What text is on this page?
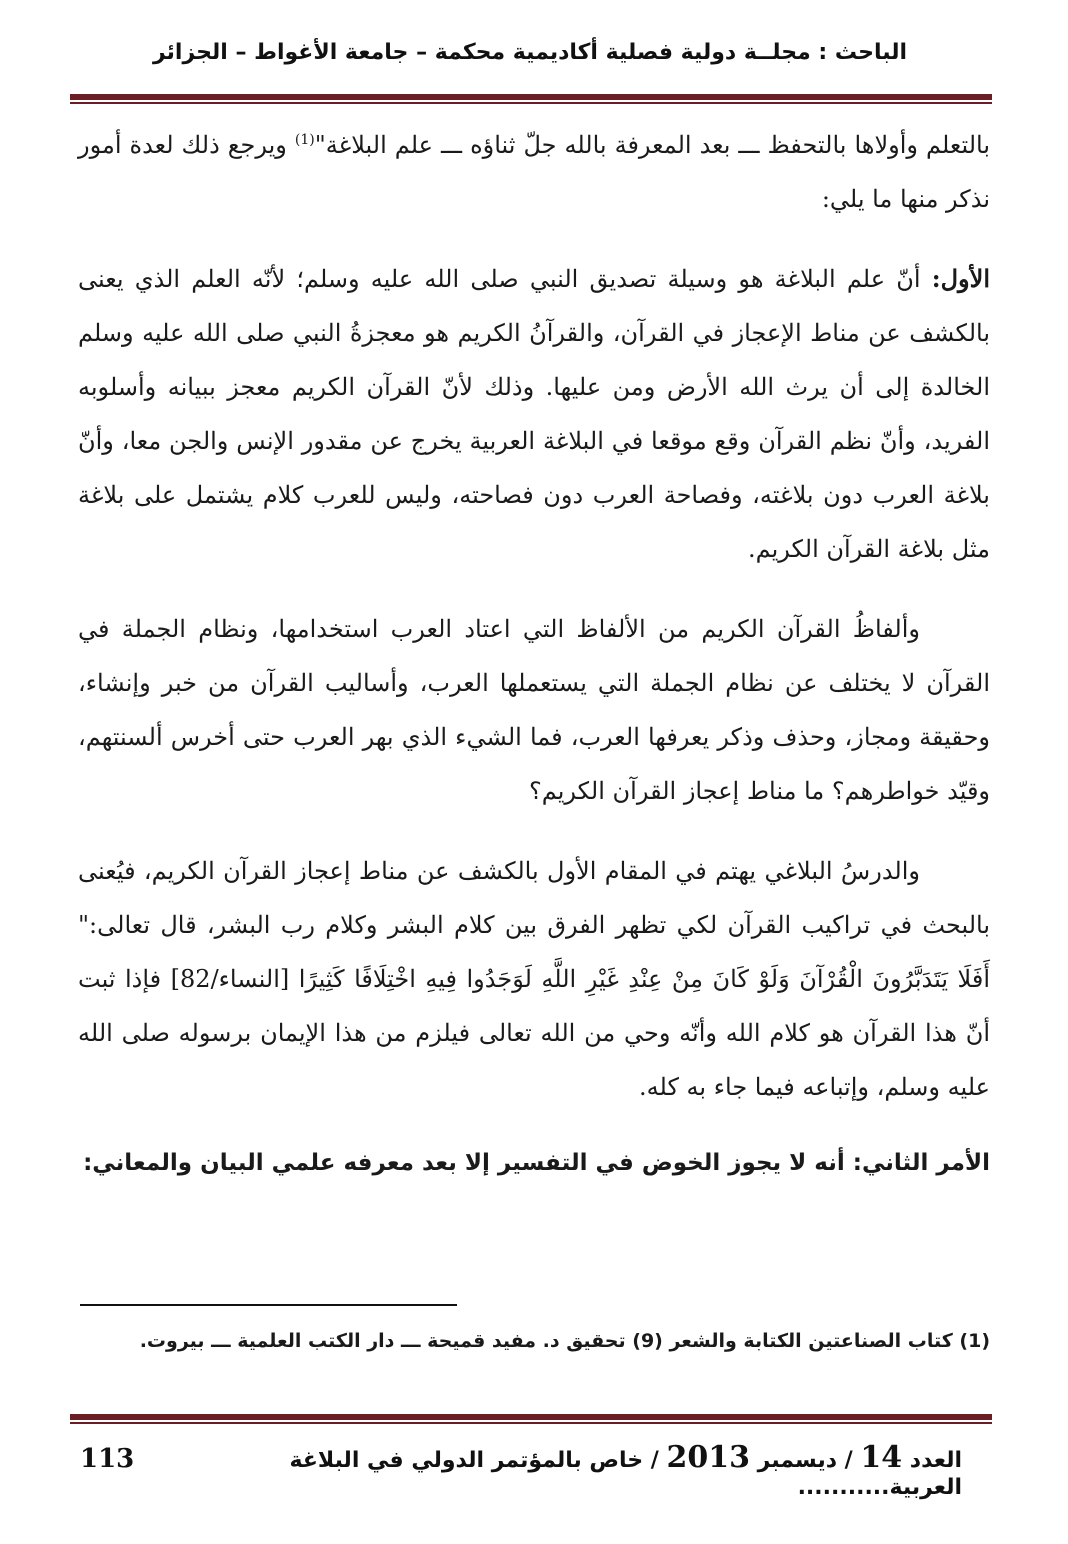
الباحث : مجلــة دولية فصلية أكاديمية محكمة – جامعة الأغواط – الجزائر

بالتعلم وأولاها بالتحفظ ـــ بعد المعرفة بالله جلّ ثناؤه ـــ علم البلاغة"$^{(1)}$ ويرجع ذلك لعدة أمور نذكر منها ما يلي:

الأول: أنّ علم البلاغة هو وسيلة تصديق النبي صلى الله عليه وسلم؛ لأنّه العلم الذي يعنى بالكشف عن مناط الإعجاز في القرآن، والقرآنُ الكريم هو معجزةُ النبي صلى الله عليه وسلم الخالدة إلى أن يرث الله الأرض ومن عليها. وذلك لأنّ القرآن الكريم معجز ببيانه وأسلوبه الفريد، وأنّ نظم القرآن وقع موقعا في البلاغة العربية يخرج عن مقدور الإنس والجن معا، وأنّ بلاغة العرب دون بلاغته، وفصاحة العرب دون فصاحته، وليس للعرب كلام يشتمل على بلاغة مثل بلاغة القرآن الكريم.

وألفاظُ القرآن الكريم من الألفاظ التي اعتاد العرب استخدامها، ونظام الجملة في القرآن لا يختلف عن نظام الجملة التي يستعملها العرب، وأساليب القرآن من خبر وإنشاء، وحقيقة ومجاز، وحذف وذكر يعرفها العرب، فما الشيء الذي بهر العرب حتى أخرس ألسنتهم، وقيّد خواطرهم؟ ما مناط إعجاز القرآن الكريم؟

والدرسُ البلاغي يهتم في المقام الأول بالكشف عن مناط إعجاز القرآن الكريم، فيُعنى بالبحث في تراكيب القرآن لكي تظهر الفرق بين كلام البشر وكلام رب البشر، قال تعالى:" أَفَلَا يَتَدَبَّرُونَ الْقُرْآنَ وَلَوْ كَانَ مِنْ عِنْدِ غَيْرِ اللَّهِ لَوَجَدُوا فِيهِ اخْتِلَافًا كَثِيرًا [النساء/82] فإذا ثبت أنّ هذا القرآن هو كلام الله وأنّه وحي من الله تعالى فيلزم من هذا الإيمان برسوله صلى الله عليه وسلم، وإتباعه فيما جاء به كله.

الأمر الثاني: أنه لا يجوز الخوض في التفسير إلا بعد معرفه علمي البيان والمعاني:

(1) كتاب الصناعتين الكتابة والشعر (9) تحقيق د. مفيد قميحة ـــ دار الكتب العلمية ـــ بيروت.
العدد 14 / ديسمبر 2013 / خاص بالمؤتمر الدولي في البلاغة العربية...........
113
